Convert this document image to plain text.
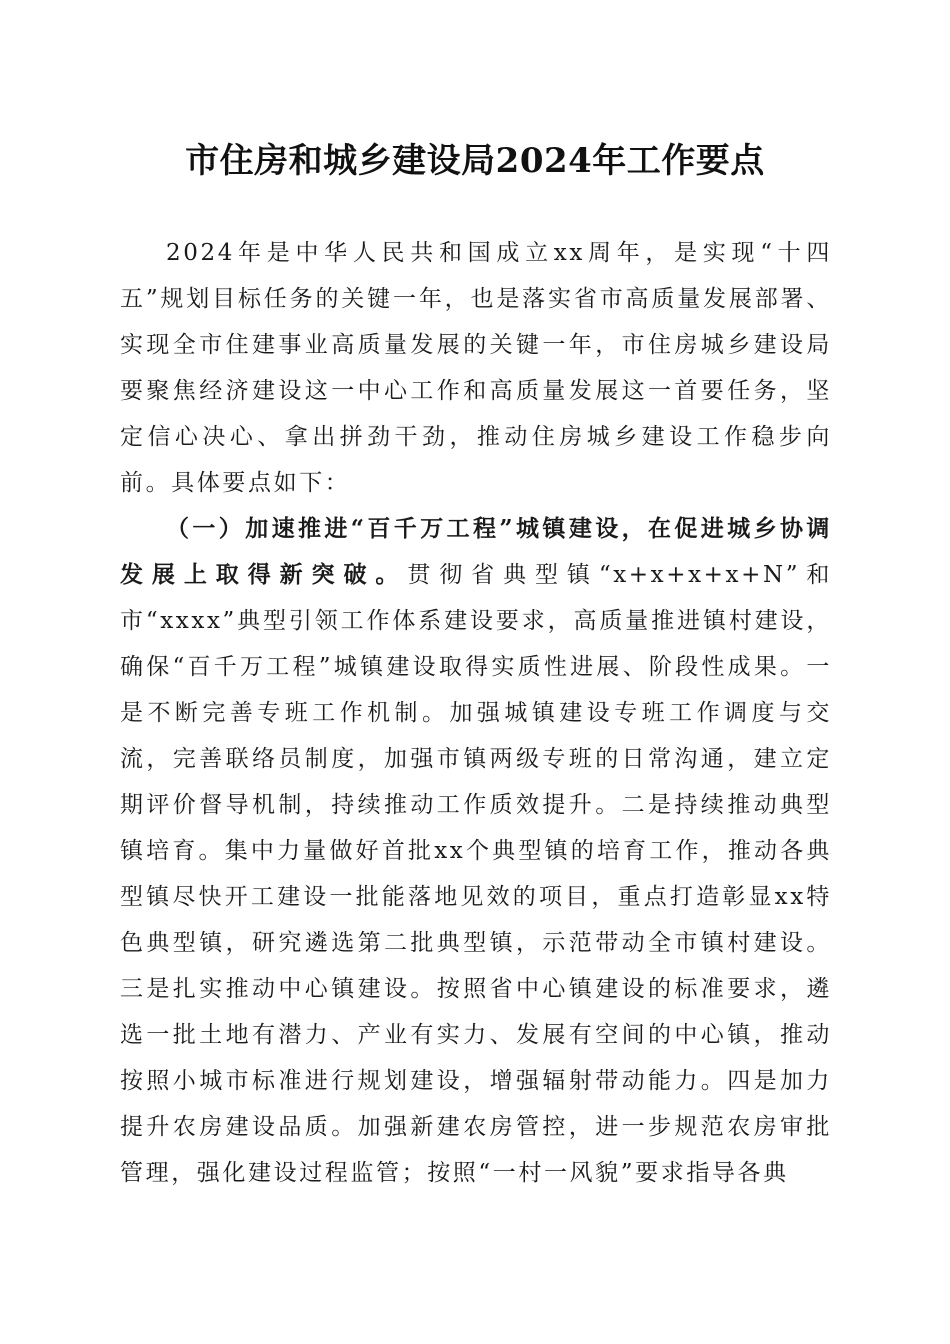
市住房和城乡建设局2024年工作要点

2024年是中华人民共和国成立xx周年，是实现“十四五”规划目标任务的关键一年，也是落实省市高质量发展部署、实现全市住建事业高质量发展的关键一年，市住房城乡建设局要聚焦经济建设这一中心工作和高质量发展这一首要任务，坚定信心决心、拿出拼劲干劲，推动住房城乡建设工作稳步向前。具体要点如下：

（一）加速推进“百千万工程”城镇建设，在促进城乡协调发展上取得新突破。贯彻省典型镇“x+x+x+x+N”和市“xxxx”典型引领工作体系建设要求，高质量推进镇村建设，确保“百千万工程”城镇建设取得实质性进展、阶段性成果。一是不断完善专班工作机制。加强城镇建设专班工作调度与交流，完善联络员制度，加强市镇两级专班的日常沟通，建立定期评价督导机制，持续推动工作质效提升。二是持续推动典型镇培育。集中力量做好首批xx个典型镇的培育工作，推动各典型镇尽快开工建设一批能落地见效的项目，重点打造彰显xx特色典型镇，研究遴选第二批典型镇，示范带动全市镇村建设。三是扎实推动中心镇建设。按照省中心镇建设的标准要求，遴选一批土地有潜力、产业有实力、发展有空间的中心镇，推动按照小城市标准进行规划建设，增强辐射带动能力。四是加力提升农房建设品质。加强新建农房管控，进一步规范农房审批管理，强化建设过程监管；按照“一村一风貌”要求指导各典
